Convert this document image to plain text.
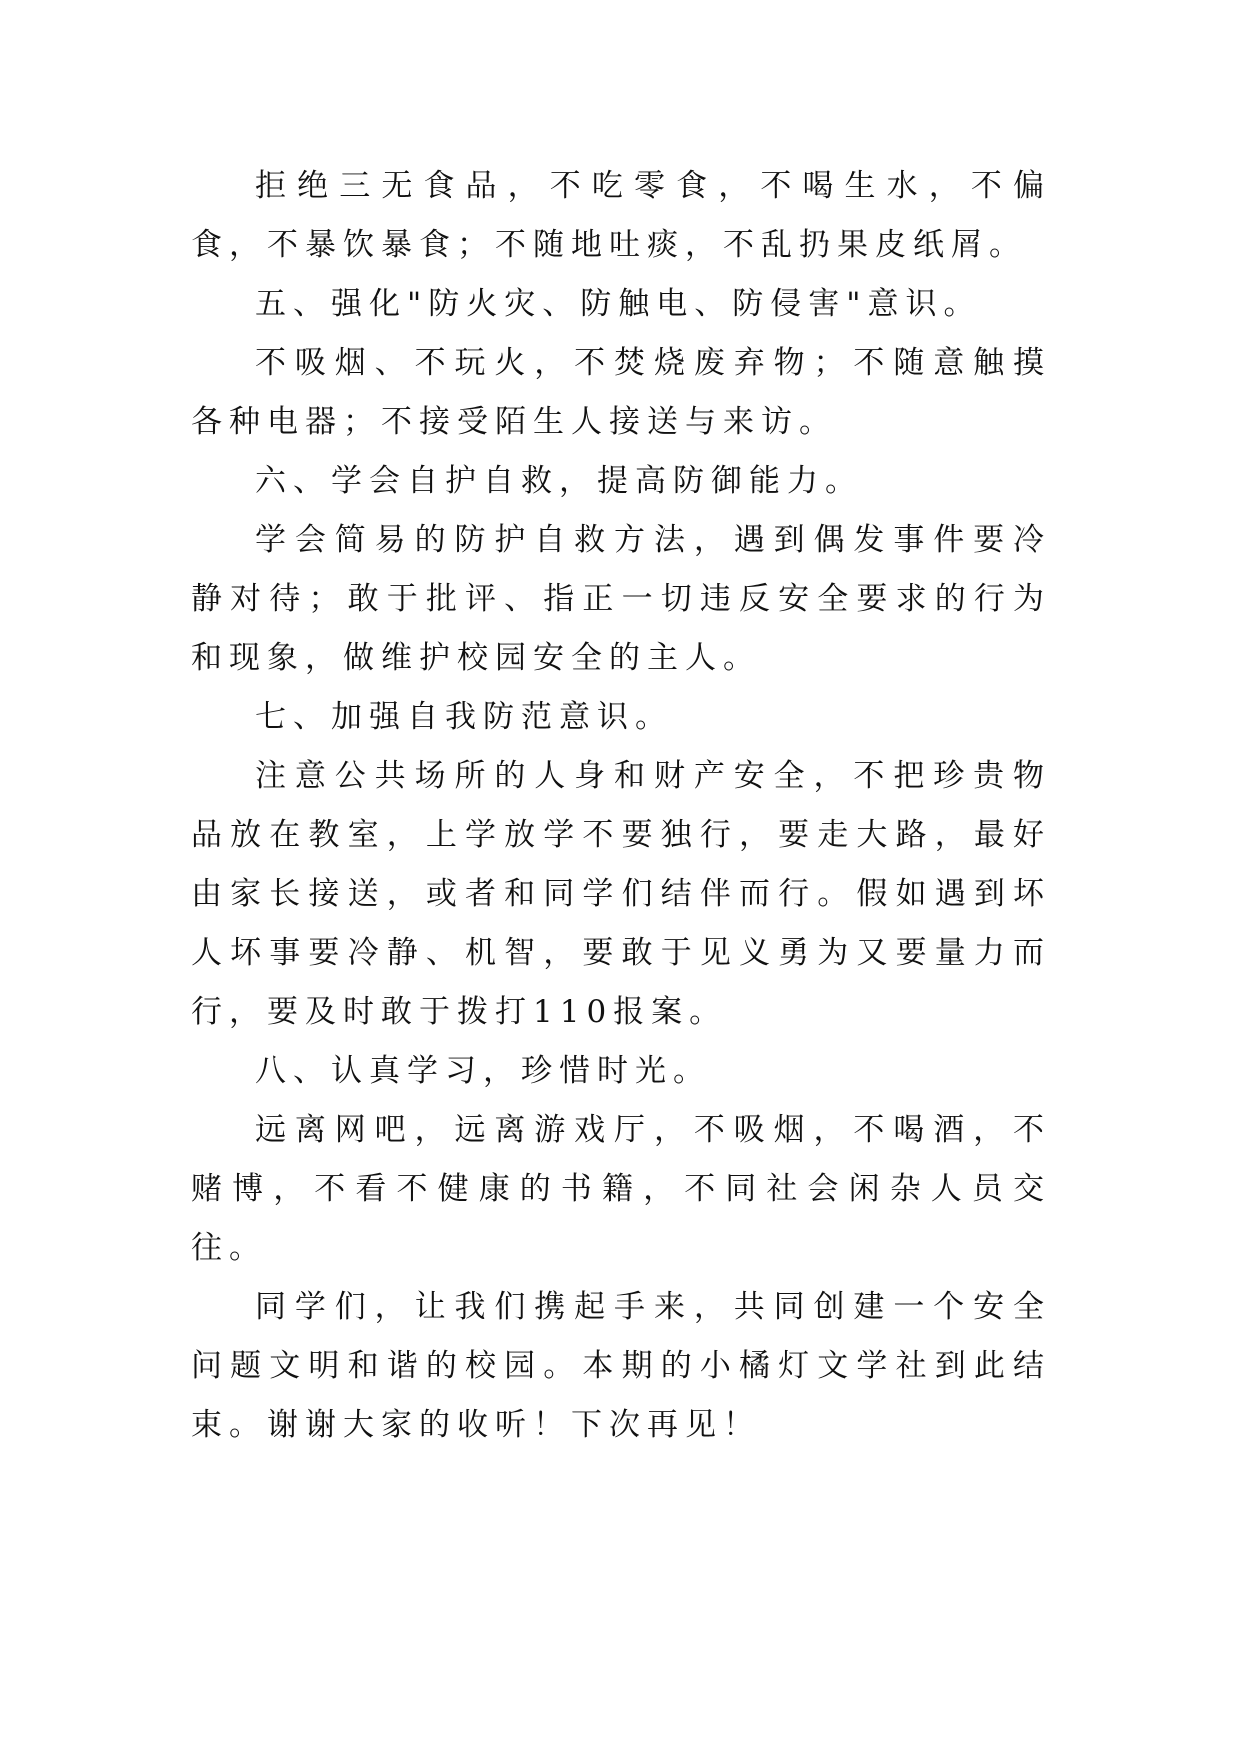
拒绝三无食品，不吃零食，不喝生水，不偏食，不暴饮暴食；不随地吐痰，不乱扔果皮纸屑。

五、强化"防火灾、防触电、防侵害"意识。

不吸烟、不玩火，不焚烧废弃物；不随意触摸各种电器；不接受陌生人接送与来访。

六、学会自护自救，提高防御能力。

学会简易的防护自救方法，遇到偶发事件要冷静对待；敢于批评、指正一切违反安全要求的行为和现象，做维护校园安全的主人。

七、加强自我防范意识。

注意公共场所的人身和财产安全，不把珍贵物品放在教室，上学放学不要独行，要走大路，最好由家长接送，或者和同学们结伴而行。假如遇到坏人坏事要冷静、机智，要敢于见义勇为又要量力而行，要及时敢于拨打110报案。

八、认真学习，珍惜时光。

远离网吧，远离游戏厅，不吸烟，不喝酒，不赌博，不看不健康的书籍，不同社会闲杂人员交往。

同学们，让我们携起手来，共同创建一个安全问题文明和谐的校园。本期的小橘灯文学社到此结束。谢谢大家的收听！下次再见！
